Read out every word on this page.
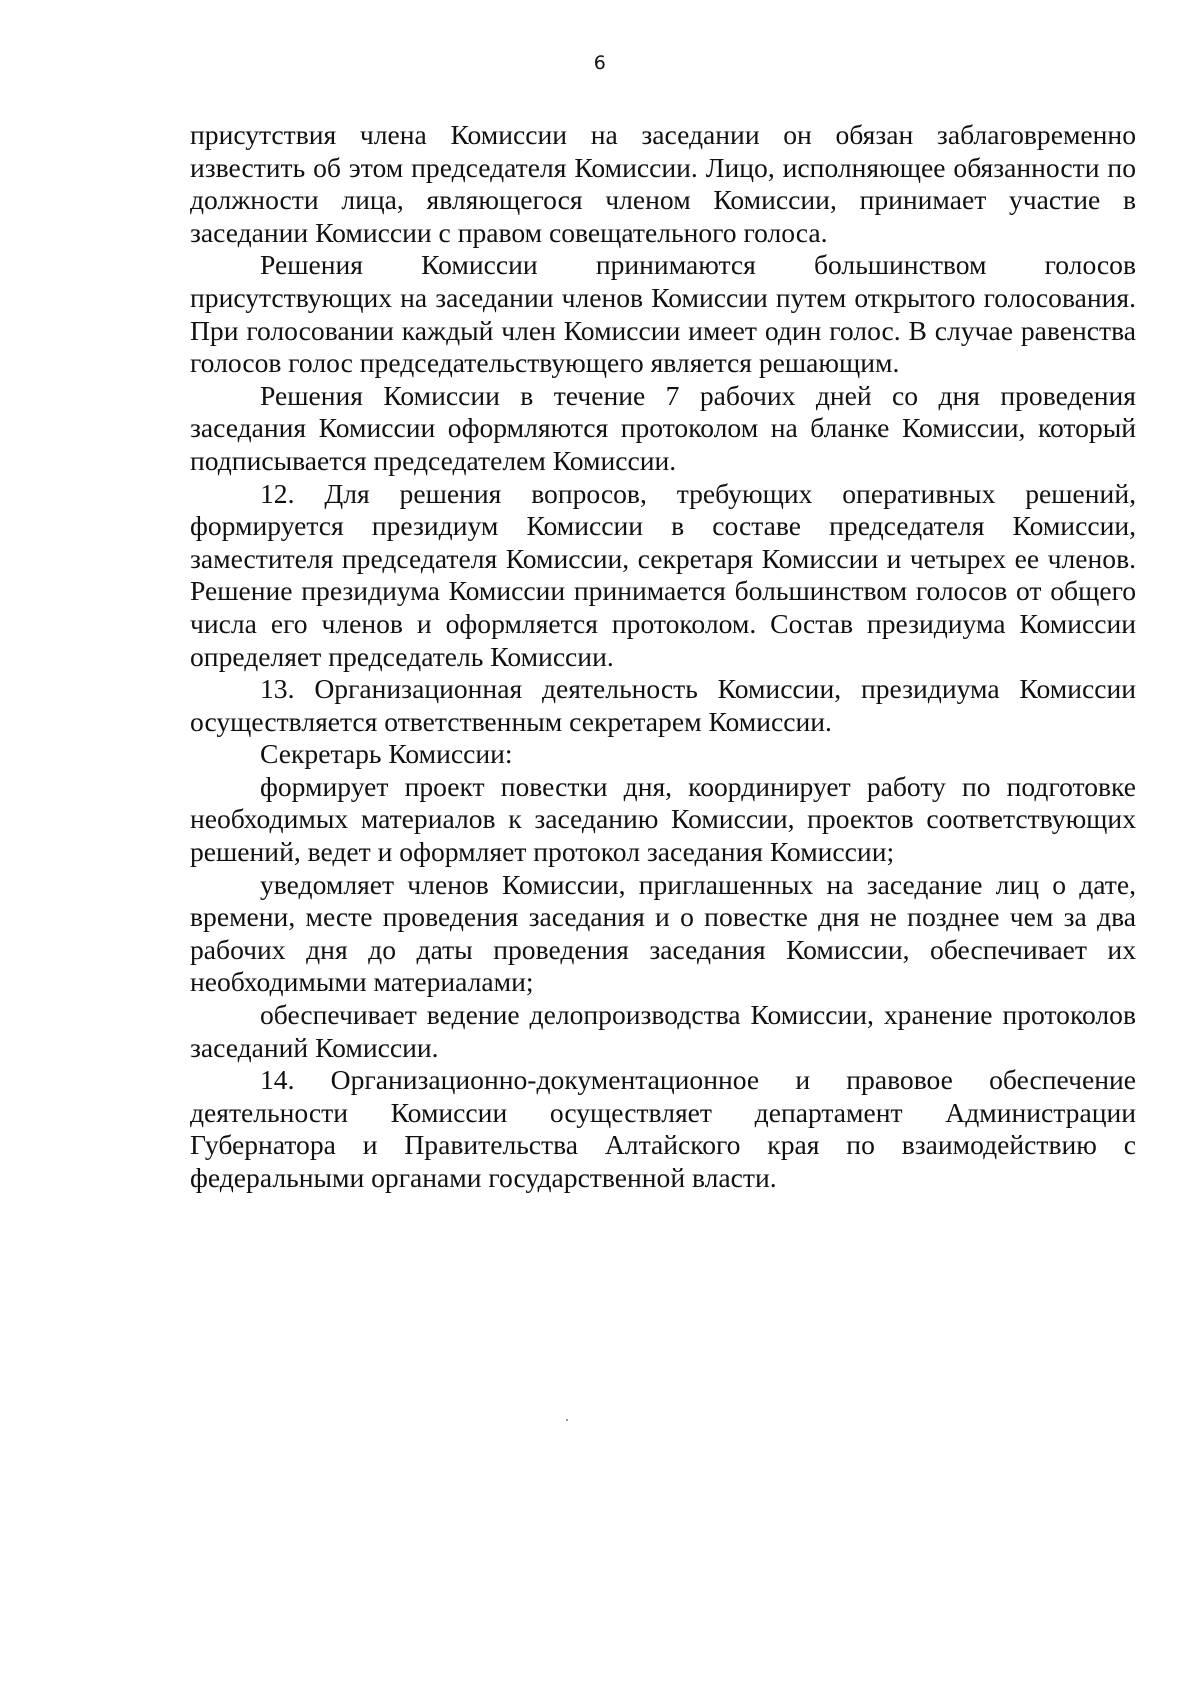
6

присутствия члена Комиссии на заседании он обязан заблаговременно известить об этом председателя Комиссии. Лицо, исполняющее обязанности по должности лица, являющегося членом Комиссии, принимает участие в заседании Комиссии с правом совещательного голоса.

Решения Комиссии принимаются большинством голосов присутствующих на заседании членов Комиссии путем открытого голосования. При голосовании каждый член Комиссии имеет один голос. В случае равенства голосов голос председательствующего является решающим.

Решения Комиссии в течение 7 рабочих дней со дня проведения заседания Комиссии оформляются протоколом на бланке Комиссии, который подписывается председателем Комиссии.

12. Для решения вопросов, требующих оперативных решений, формируется президиум Комиссии в составе председателя Комиссии, заместителя председателя Комиссии, секретаря Комиссии и четырех ее членов. Решение президиума Комиссии принимается большинством голосов от общего числа его членов и оформляется протоколом. Состав президиума Комиссии определяет председатель Комиссии.

13. Организационная деятельность Комиссии, президиума Комиссии осуществляется ответственным секретарем Комиссии.

Секретарь Комиссии:

формирует проект повестки дня, координирует работу по подготовке необходимых материалов к заседанию Комиссии, проектов соответствующих решений, ведет и оформляет протокол заседания Комиссии;

уведомляет членов Комиссии, приглашенных на заседание лиц о дате, времени, месте проведения заседания и о повестке дня не позднее чем за два рабочих дня до даты проведения заседания Комиссии, обеспечивает их необходимыми материалами;

обеспечивает ведение делопроизводства Комиссии, хранение протоколов заседаний Комиссии.

14. Организационно-документационное и правовое обеспечение деятельности Комиссии осуществляет департамент Администрации Губернатора и Правительства Алтайского края по взаимодействию с федеральными органами государственной власти.
